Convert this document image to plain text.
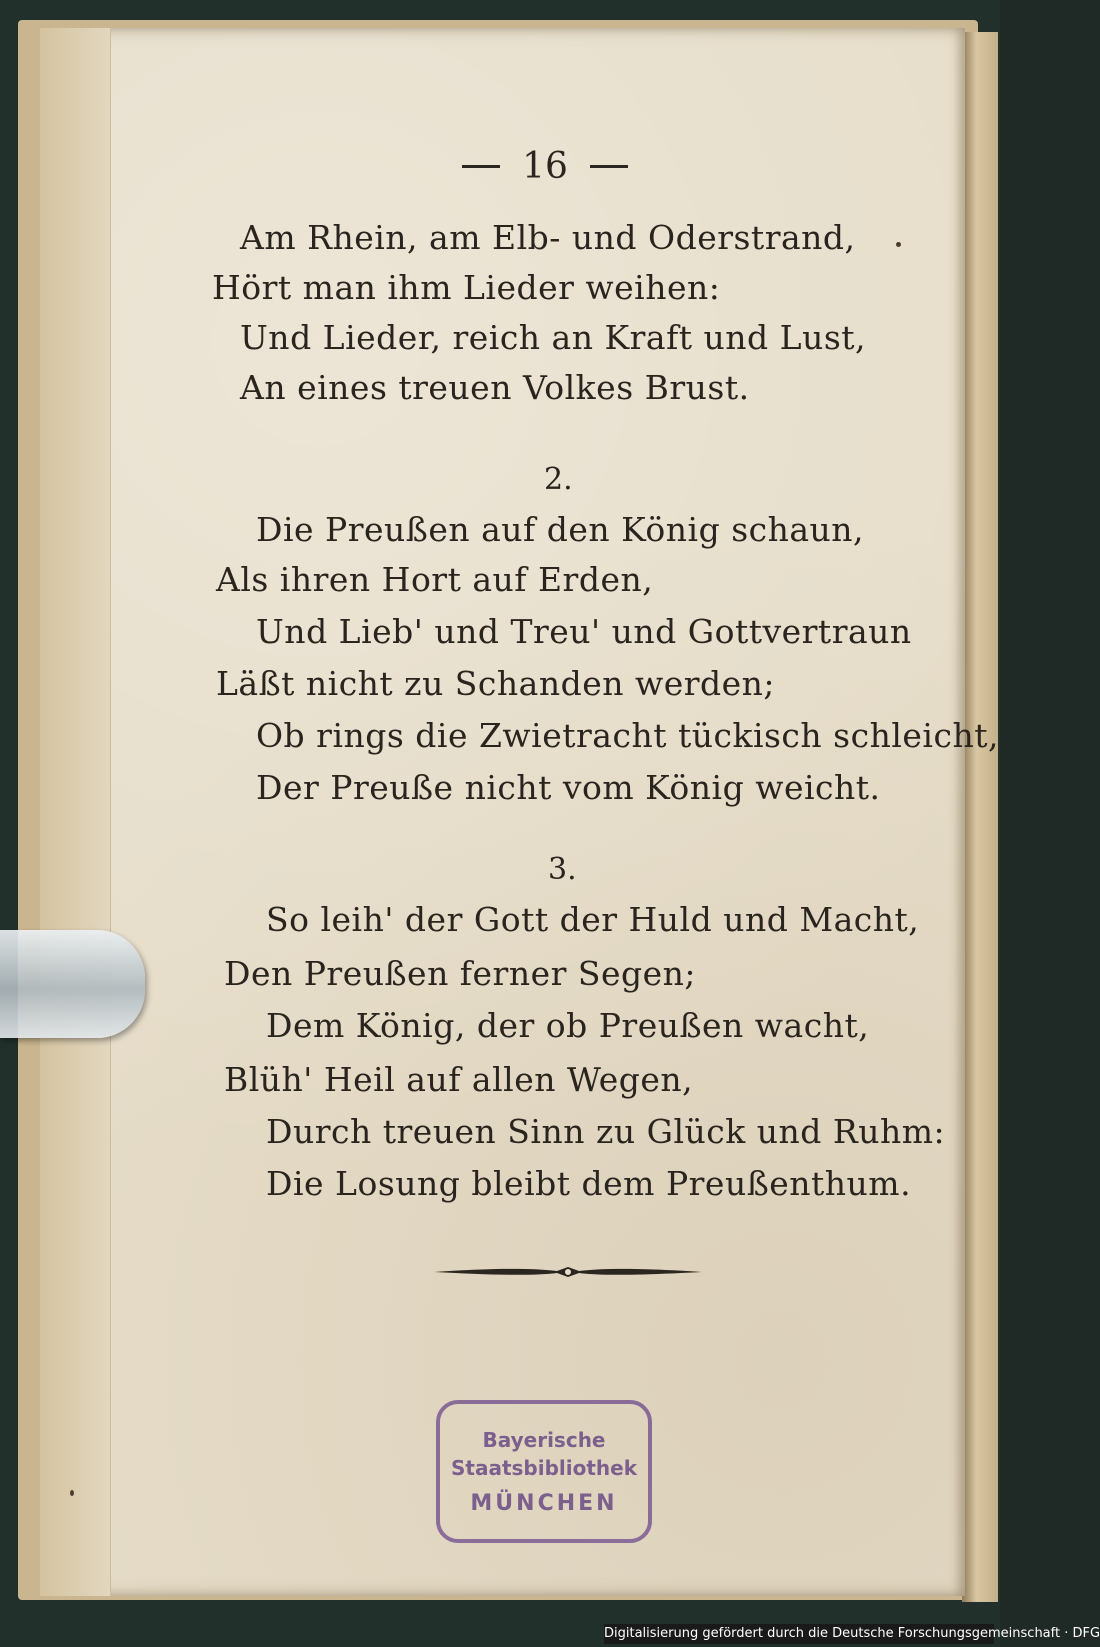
16
Am Rhein, am Elb- und Oderstrand,
Hört man ihm Lieder weihen:
Und Lieder, reich an Kraft und Lust,
An eines treuen Volkes Brust.
2.
Die Preußen auf den König schaun,
Als ihren Hort auf Erden,
Und Lieb' und Treu' und Gottvertraun
Läßt nicht zu Schanden werden;
Ob rings die Zwietracht tückisch schleicht,
Der Preuße nicht vom König weicht.
3.
So leih' der Gott der Huld und Macht,
Den Preußen ferner Segen;
Dem König, der ob Preußen wacht,
Blüh' Heil auf allen Wegen,
Durch treuen Sinn zu Glück und Ruhm:
Die Losung bleibt dem Preußenthum.
Bayerische
Staatsbibliothek
MÜNCHEN
Digitalisierung gefördert durch die Deutsche Forschungsgemeinschaft · DFG
